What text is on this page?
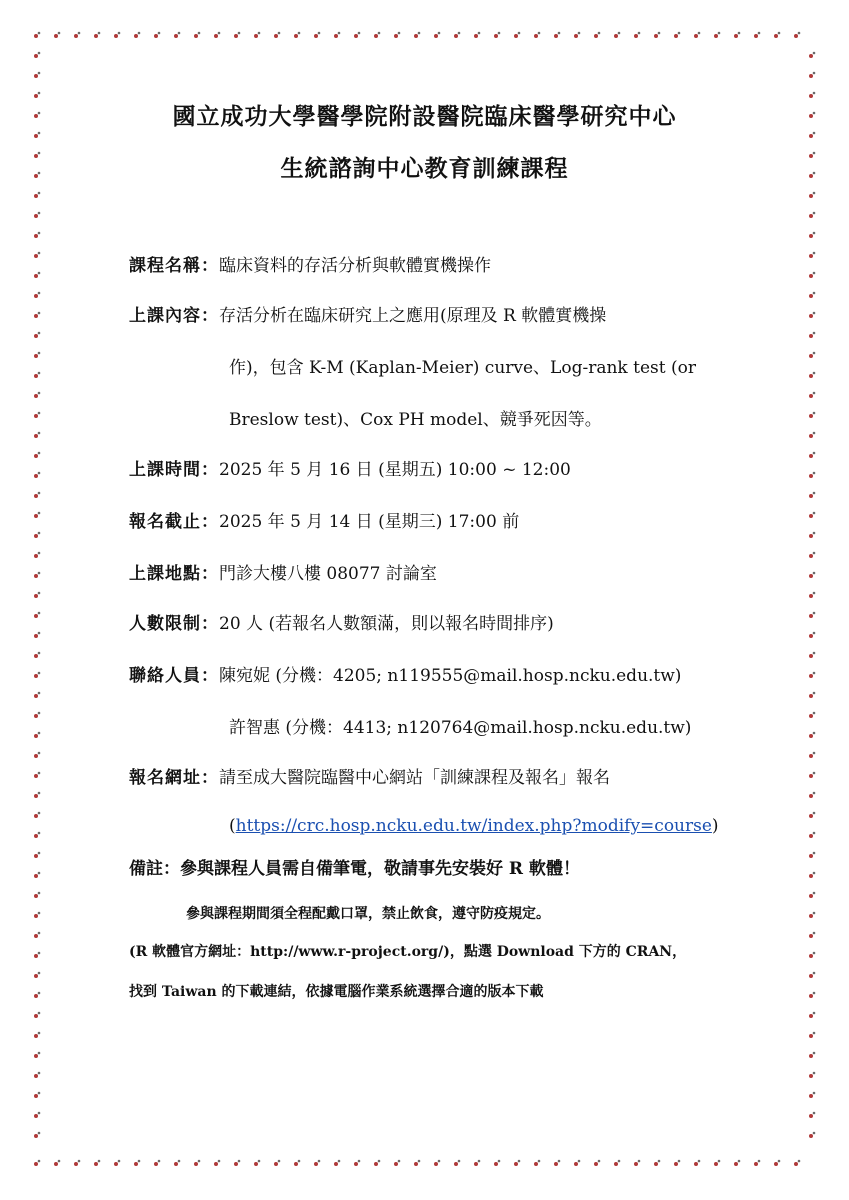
國立成功大學醫學院附設醫院臨床醫學研究中心
生統諮詢中心教育訓練課程
課程名稱：臨床資料的存活分析與軟體實機操作
上課內容：存活分析在臨床研究上之應用(原理及 R 軟體實機操
作)，包含 K-M (Kaplan-Meier) curve、Log-rank test (or
Breslow test)、Cox PH model、競爭死因等。
上課時間：2025 年 5 月 16 日 (星期五) 10:00 ~ 12:00
報名截止：2025 年 5 月 14 日 (星期三) 17:00 前
上課地點：門診大樓八樓 08077 討論室
人數限制：20 人 (若報名人數額滿，則以報名時間排序)
聯絡人員：陳宛妮 (分機：4205; n119555@mail.hosp.ncku.edu.tw)
許智惠 (分機：4413; n120764@mail.hosp.ncku.edu.tw)
報名網址：請至成大醫院臨醫中心網站「訓練課程及報名」報名
(https://crc.hosp.ncku.edu.tw/index.php?modify=course)
備註：參與課程人員需自備筆電，敬請事先安裝好 R 軟體！
參與課程期間須全程配戴口罩，禁止飲食，遵守防疫規定。
(R 軟體官方網址：http://www.r-project.org/)，點選 Download 下方的 CRAN，
找到 Taiwan 的下載連結，依據電腦作業系統選擇合適的版本下載
